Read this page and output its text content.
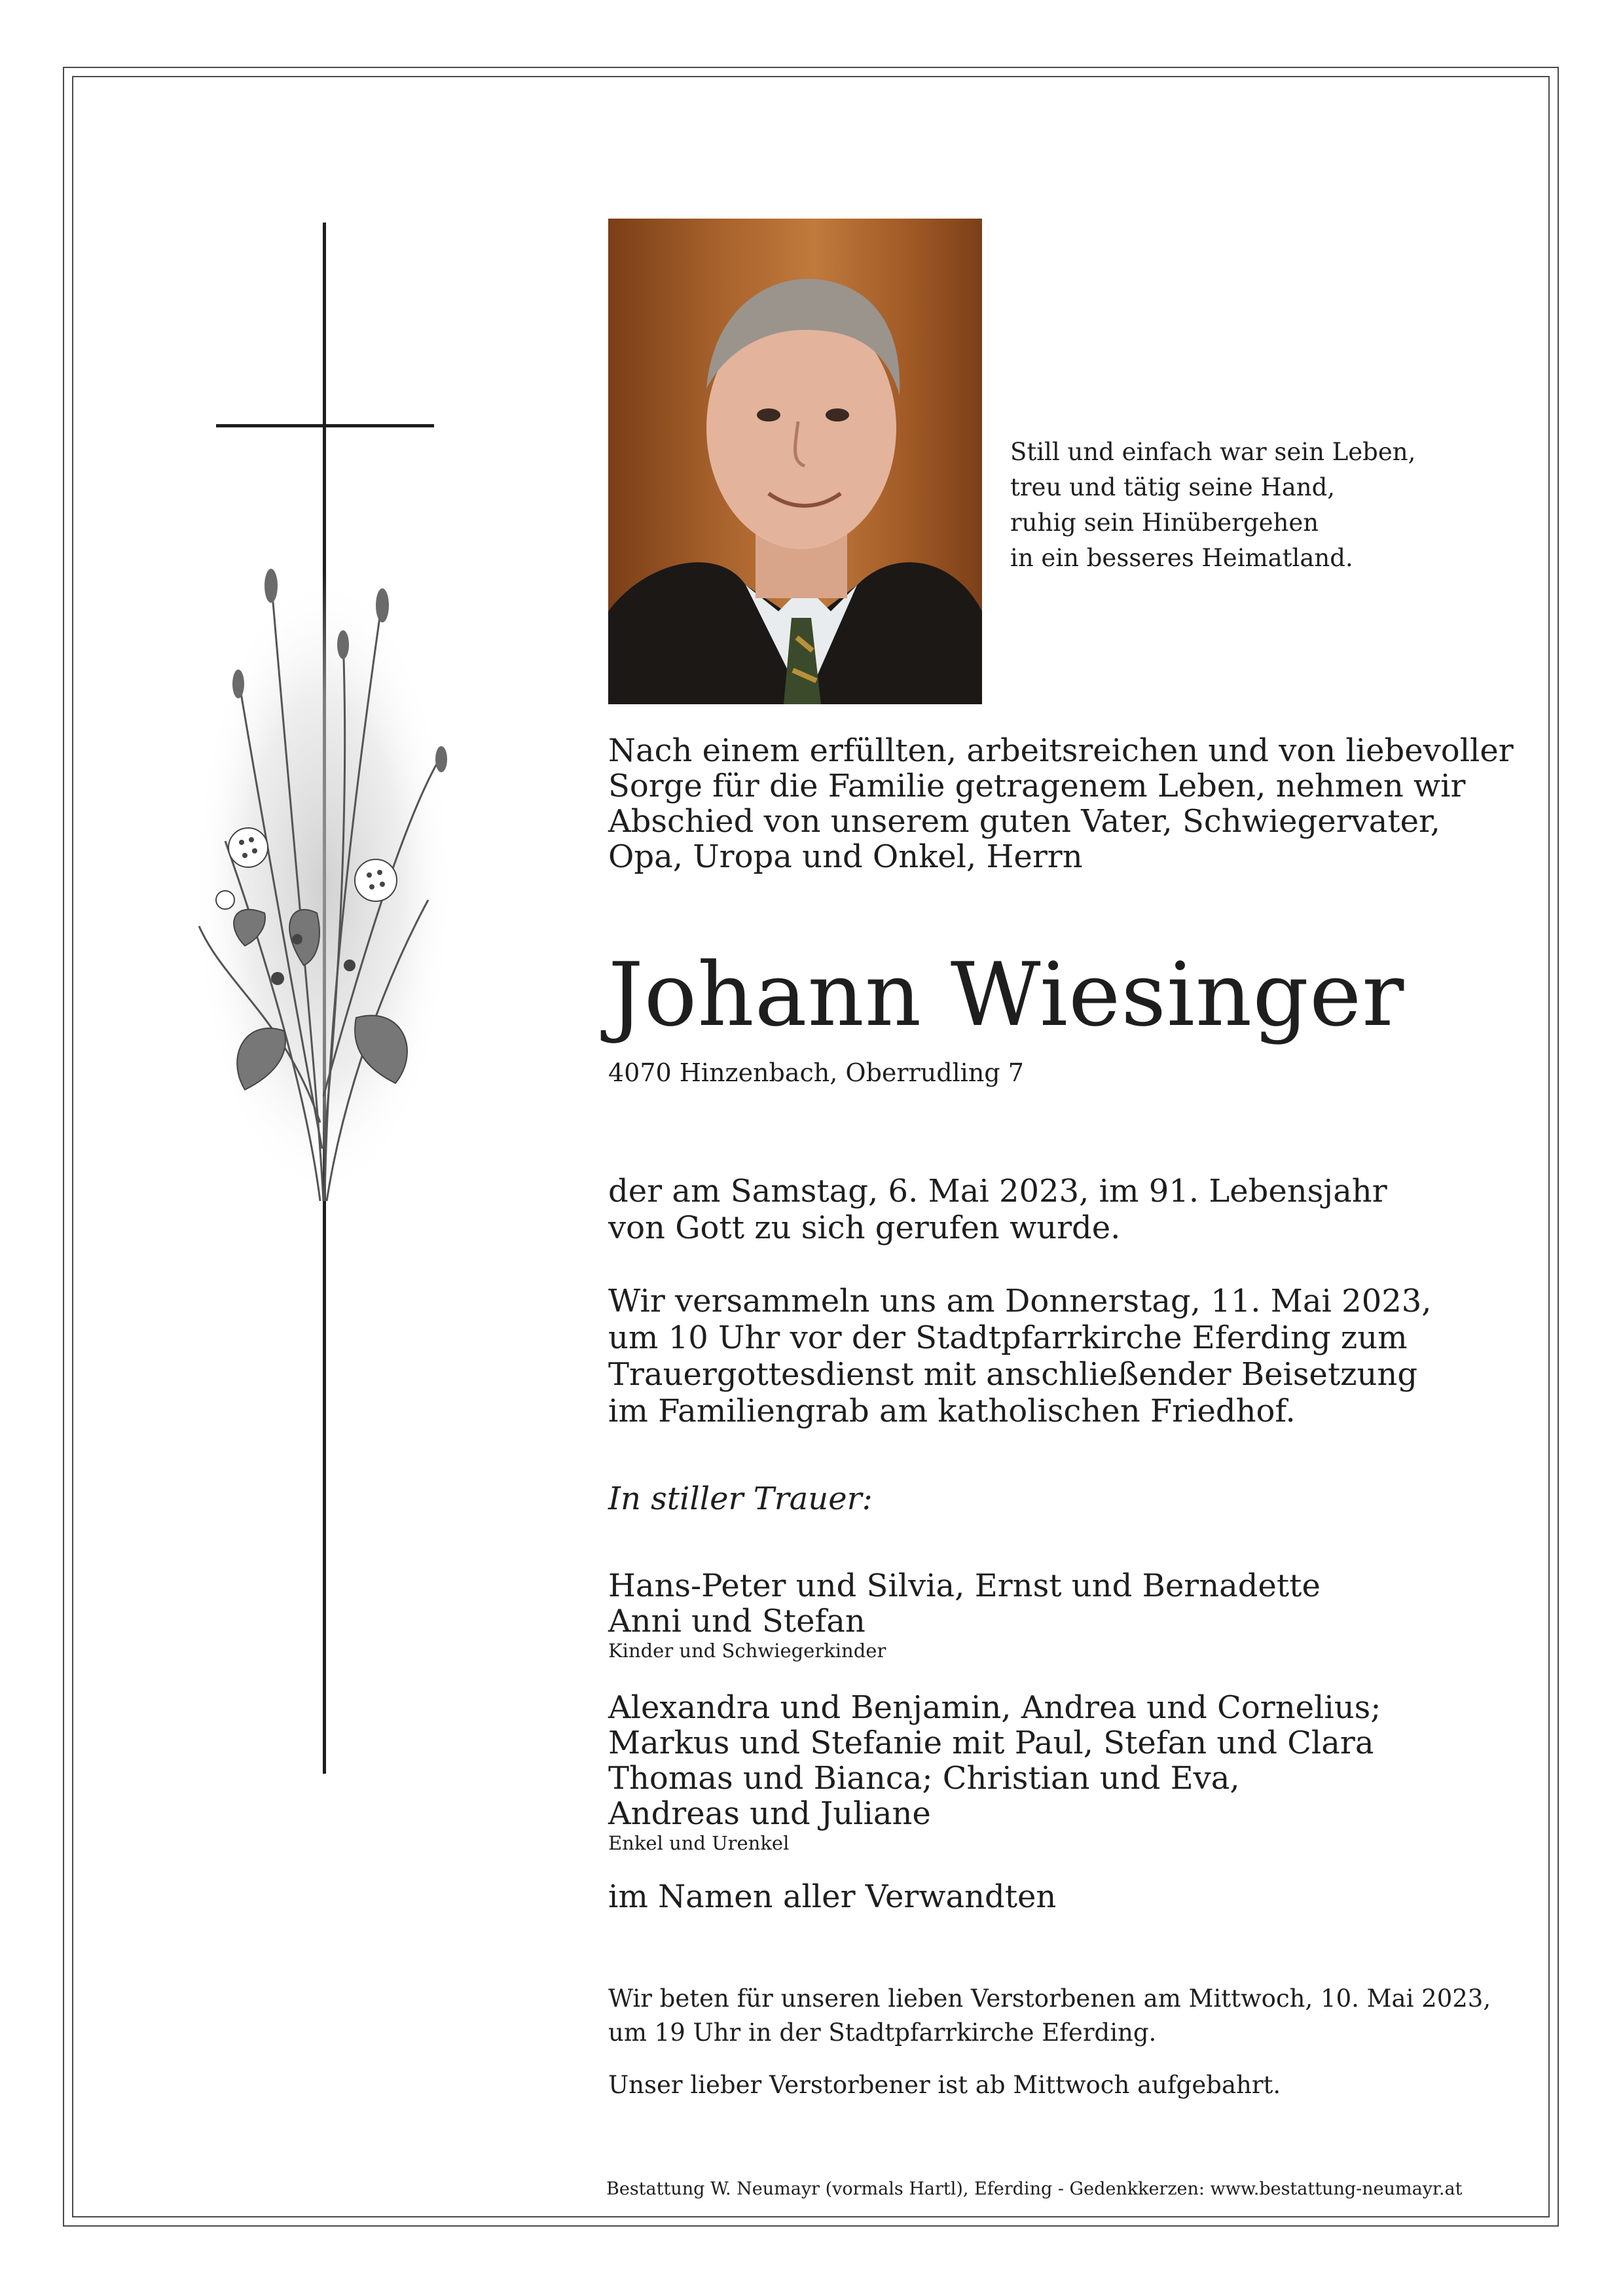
Still und einfach war sein Leben,
treu und tätig seine Hand,
ruhig sein Hinübergehen
in ein besseres Heimatland.

Nach einem erfüllten, arbeitsreichen und von liebevoller
Sorge für die Familie getragenem Leben, nehmen wir
Abschied von unserem guten Vater, Schwiegervater,
Opa, Uropa und Onkel, Herrn

Johann Wiesinger

4070 Hinzenbach, Oberrudling 7

der am Samstag, 6. Mai 2023, im 91. Lebensjahr
von Gott zu sich gerufen wurde.

Wir versammeln uns am Donnerstag, 11. Mai 2023,
um 10 Uhr vor der Stadtpfarrkirche Eferding zum
Trauergottesdienst mit anschließender Beisetzung
im Familiengrab am katholischen Friedhof.

In stiller Trauer:

Hans-Peter und Silvia, Ernst und Bernadette
Anni und Stefan
Kinder und Schwiegerkinder
Alexandra und Benjamin, Andrea und Cornelius;
Markus und Stefanie mit Paul, Stefan und Clara
Thomas und Bianca; Christian und Eva,
Andreas und Juliane
Enkel und Urenkel

im Namen aller Verwandten

Wir beten für unseren lieben Verstorbenen am Mittwoch, 10. Mai 2023,
um 19 Uhr in der Stadtpfarrkirche Eferding.

Unser lieber Verstorbener ist ab Mittwoch aufgebahrt.

Bestattung W. Neumayr (vormals Hartl), Eferding - Gedenkkerzen: www.bestattung-neumayr.at
